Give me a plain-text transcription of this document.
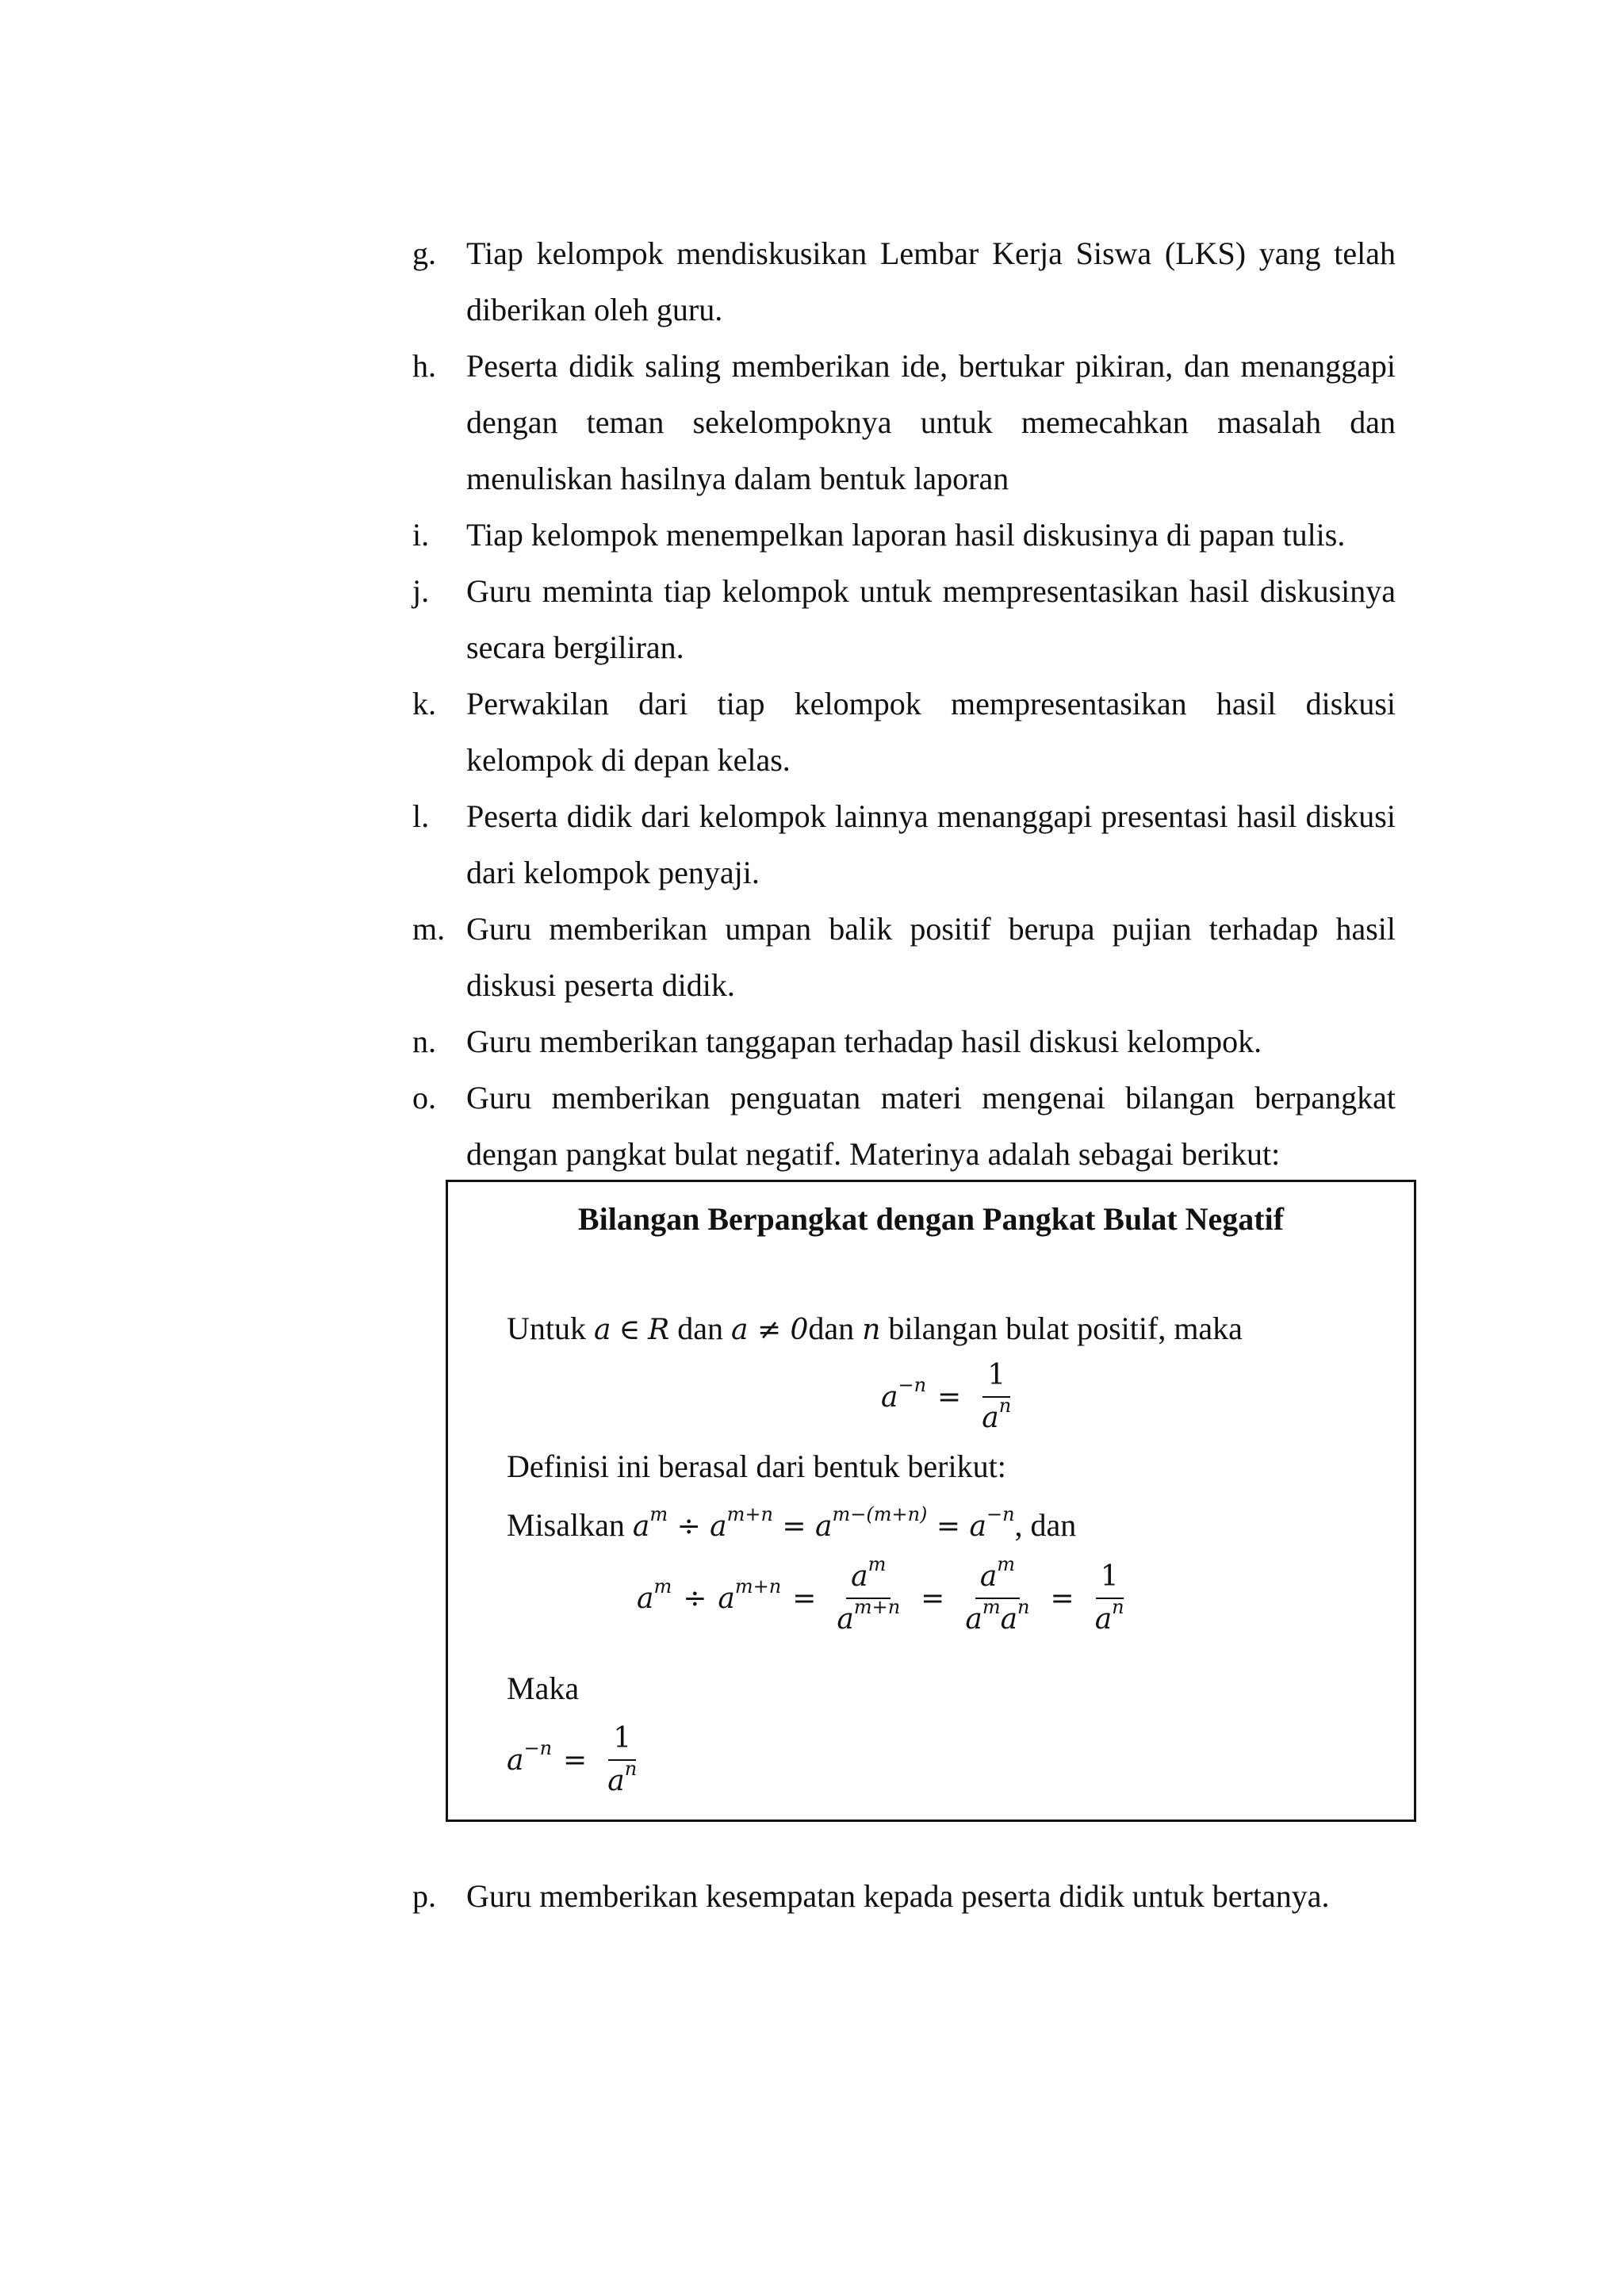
g. Tiap kelompok mendiskusikan Lembar Kerja Siswa (LKS) yang telah diberikan oleh guru.
h. Peserta didik saling memberikan ide, bertukar pikiran, dan menanggapi dengan teman sekelompoknya untuk memecahkan masalah dan menuliskan hasilnya dalam bentuk laporan
i. Tiap kelompok menempelkan laporan hasil diskusinya di papan tulis.
j. Guru meminta tiap kelompok untuk mempresentasikan hasil diskusinya secara bergiliran.
k. Perwakilan dari tiap kelompok mempresentasikan hasil diskusi kelompok di depan kelas.
l. Peserta didik dari kelompok lainnya menanggapi presentasi hasil diskusi dari kelompok penyaji.
m. Guru memberikan umpan balik positif berupa pujian terhadap hasil diskusi peserta didik.
n. Guru memberikan tanggapan terhadap hasil diskusi kelompok.
o. Guru memberikan penguatan materi mengenai bilangan berpangkat dengan pangkat bulat negatif. Materinya adalah sebagai berikut:
Bilangan Berpangkat dengan Pangkat Bulat Negatif
Untuk a ∈ R dan a ≠ 0dan n bilangan bulat positif, maka
$a^{-n} = \frac{1}{a^n}$
Definisi ini berasal dari bentuk berikut:
Misalkan $a^m \div a^{m+n} = a^{m-(m+n)} = a^{-n}$, dan
$a^m \div a^{m+n} = \frac{a^m}{a^{m+n}} = \frac{a^m}{a^ma^n} = \frac{1}{a^n}$
Maka
$a^{-n} = \frac{1}{a^n}$
p. Guru memberikan kesempatan kepada peserta didik untuk bertanya.
